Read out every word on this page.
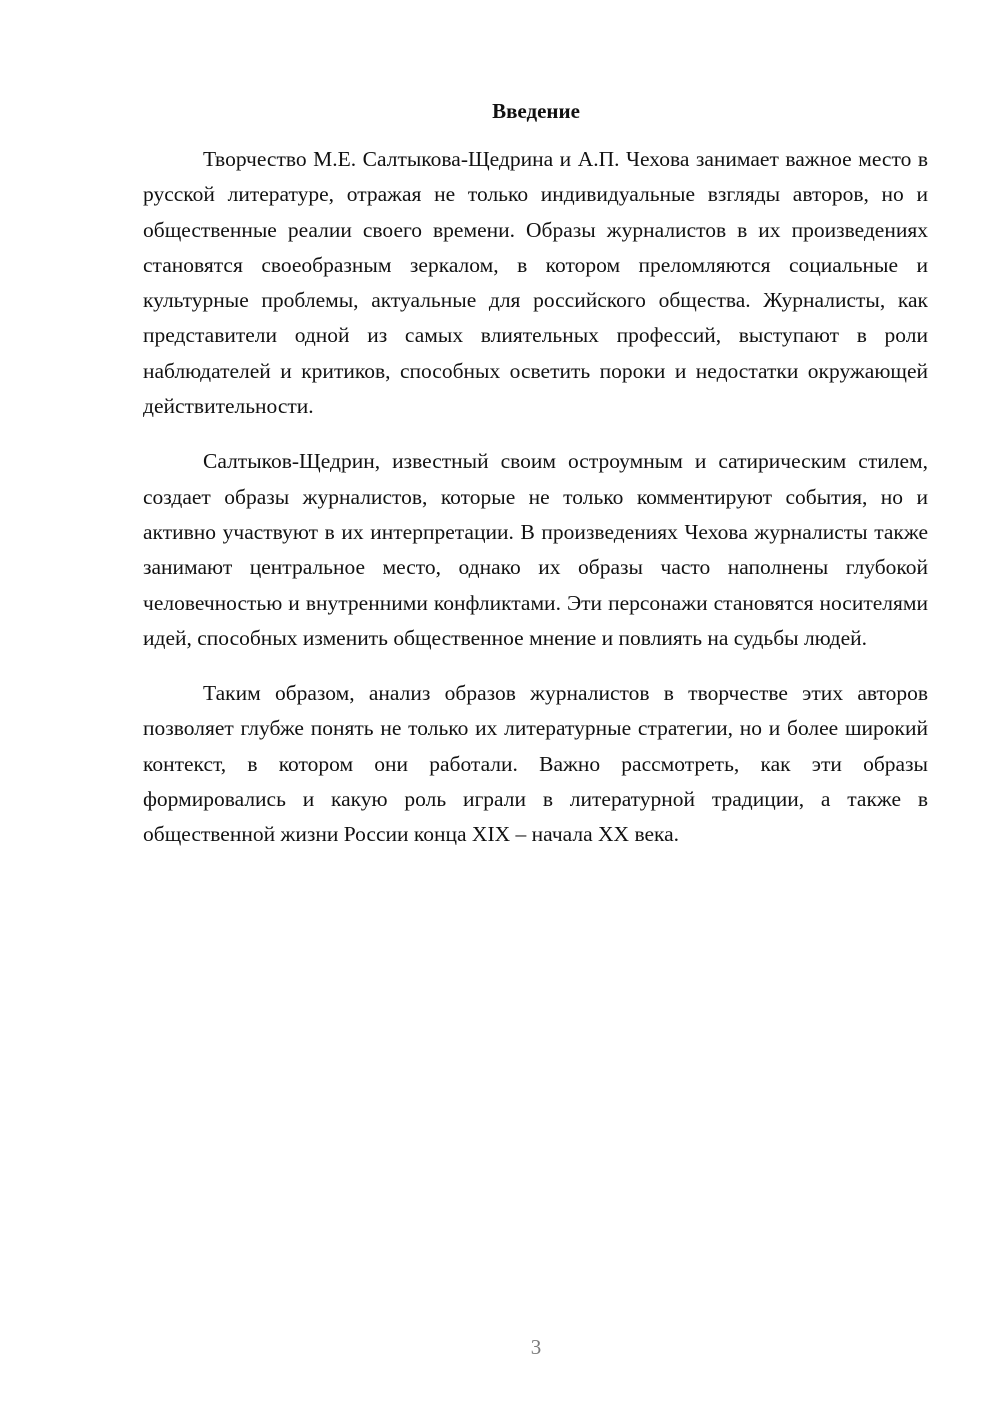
Введение

Творчество М.Е. Салтыкова-Щедрина и А.П. Чехова занимает важное место в русской литературе, отражая не только индивидуальные взгляды авторов, но и общественные реалии своего времени. Образы журналистов в их произведениях становятся своеобразным зеркалом, в котором преломляются социальные и культурные проблемы, актуальные для российского общества. Журналисты, как представители одной из самых влиятельных профессий, выступают в роли наблюдателей и критиков, способных осветить пороки и недостатки окружающей действительности.

Салтыков-Щедрин, известный своим остроумным и сатирическим стилем, создает образы журналистов, которые не только комментируют события, но и активно участвуют в их интерпретации. В произведениях Чехова журналисты также занимают центральное место, однако их образы часто наполнены глубокой человечностью и внутренними конфликтами. Эти персонажи становятся носителями идей, способных изменить общественное мнение и повлиять на судьбы людей.

Таким образом, анализ образов журналистов в творчестве этих авторов позволяет глубже понять не только их литературные стратегии, но и более широкий контекст, в котором они работали. Важно рассмотреть, как эти образы формировались и какую роль играли в литературной традиции, а также в общественной жизни России конца XIX – начала XX века.

3
